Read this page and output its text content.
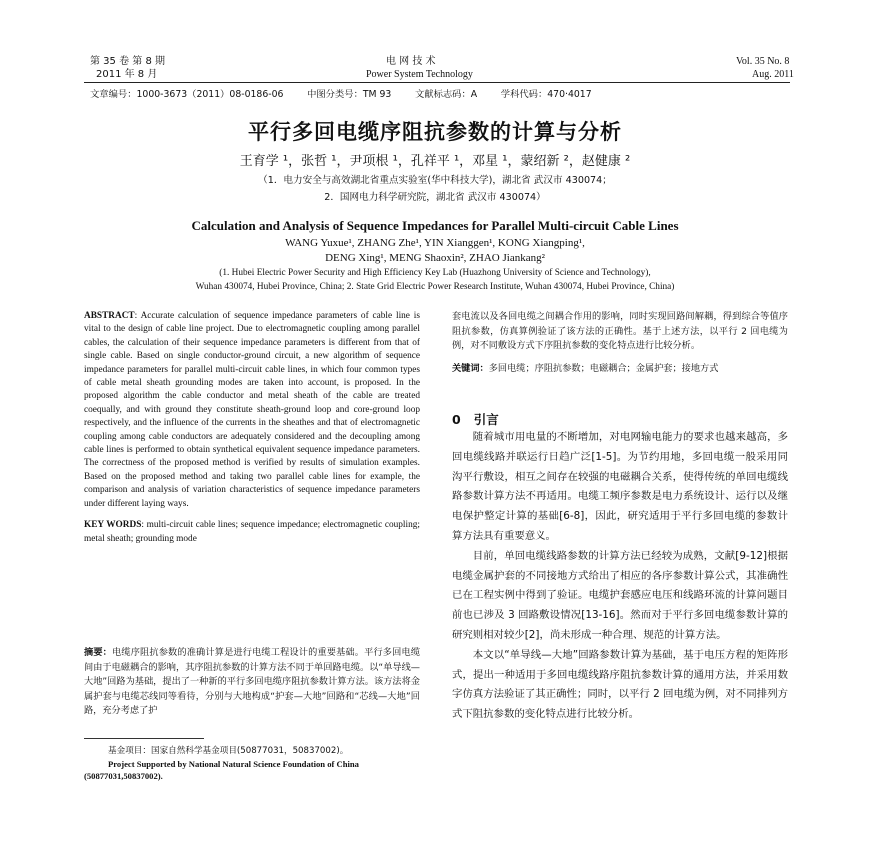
第 35 卷 第 8 期
2011 年 8 月
电 网 技 术
Power System Technology
Vol. 35 No. 8
Aug. 2011
文章编号：1000-3673（2011）08-0186-06        中图分类号：TM 93        文献标志码：A        学科代码：470·4017
平行多回电缆序阻抗参数的计算与分析
王育学 ¹，张哲 ¹，尹项根 ¹，孔祥平 ¹，邓星 ¹，蒙绍新 ²，赵健康 ²
（1．电力安全与高效湖北省重点实验室(华中科技大学)，湖北省 武汉市 430074；
2．国网电力科学研究院，湖北省 武汉市 430074）
Calculation and Analysis of Sequence Impedances for Parallel Multi-circuit Cable Lines
WANG Yuxue¹, ZHANG Zhe¹, YIN Xianggen¹, KONG Xiangping¹,
DENG Xing¹, MENG Shaoxin², ZHAO Jiankang²
(1. Hubei Electric Power Security and High Efficiency Key Lab (Huazhong University of Science and Technology),
Wuhan 430074, Hubei Province, China; 2. State Grid Electric Power Research Institute, Wuhan 430074, Hubei Province, China)

ABSTRACT: Accurate calculation of sequence impedance parameters of cable line is vital to the design of cable line project. Due to electromagnetic coupling among parallel cables, the calculation of their sequence impedance parameters is different from that of single cable. Based on single conductor-ground circuit, a new algorithm of sequence impedance parameters for parallel multi-circuit cable lines, in which four common types of cable metal sheath grounding modes are taken into account, is proposed. In the proposed algorithm the cable conductor and metal sheath of the cable are treated coequally, and with ground they constitute sheath-ground loop and core-ground loop respectively, and the influence of the currents in the sheathes and that of electromagnetic coupling among cable conductors are adequately considered and the decoupling among cable lines is performed to obtain synthetical equivalent sequence impedance parameters. The correctness of the proposed method is verified by results of simulation examples. Based on the proposed method and taking two parallel cable lines for example, the comparison and analysis of variation characteristics of sequence impedance parameters under different laying ways.

KEY WORDS: multi-circuit cable lines; sequence impedance; electromagnetic coupling; metal sheath; grounding mode

摘要：电缆序阻抗参数的准确计算是进行电缆工程设计的重要基础。平行多回电缆间由于电磁耦合的影响，其序阻抗参数的计算方法不同于单回路电缆。以“单导线—大地”回路为基础，提出了一种新的平行多回电缆序阻抗参数计算方法。该方法将金属护套与电缆芯线同等看待，分别与大地构成“护套—大地”回路和“芯线—大地”回路，充分考虑了护

基金项目：国家自然科学基金项目(50877031，50837002)。
Project Supported by National Natural Science Foundation of China (50877031,50837002).

套电流以及各回电缆之间耦合作用的影响，同时实现回路间解耦，得到综合等值序阻抗参数，仿真算例验证了该方法的正确性。基于上述方法，以平行 2 回电缆为例，对不同敷设方式下序阻抗参数的变化特点进行比较分析。

关键词：多回电缆；序阻抗参数；电磁耦合；金属护套；接地方式

0   引言

随着城市用电量的不断增加，对电网输电能力的要求也越来越高，多回电缆线路并联运行日趋广泛[1-5]。为节约用地，多回电缆一般采用同沟平行敷设，相互之间存在较强的电磁耦合关系，使得传统的单回电缆线路参数计算方法不再适用。电缆工频序参数是电力系统设计、运行以及继电保护整定计算的基础[6-8]，因此，研究适用于平行多回电缆的参数计算方法具有重要意义。

目前，单回电缆线路参数的计算方法已经较为成熟，文献[9-12]根据电缆金属护套的不同接地方式给出了相应的各序参数计算公式，其准确性已在工程实例中得到了验证。电缆护套感应电压和线路环流的计算问题目前也已涉及 3 回路敷设情况[13-16]。然而对于平行多回电缆参数计算的研究则相对较少[2]，尚未形成一种合理、规范的计算方法。

本文以“单导线—大地”回路参数计算为基础，基于电压方程的矩阵形式，提出一种适用于多回电缆线路序阻抗参数计算的通用方法，并采用数字仿真方法验证了其正确性；同时，以平行 2 回电缆为例，对不同排列方式下阻抗参数的变化特点进行比较分析。
